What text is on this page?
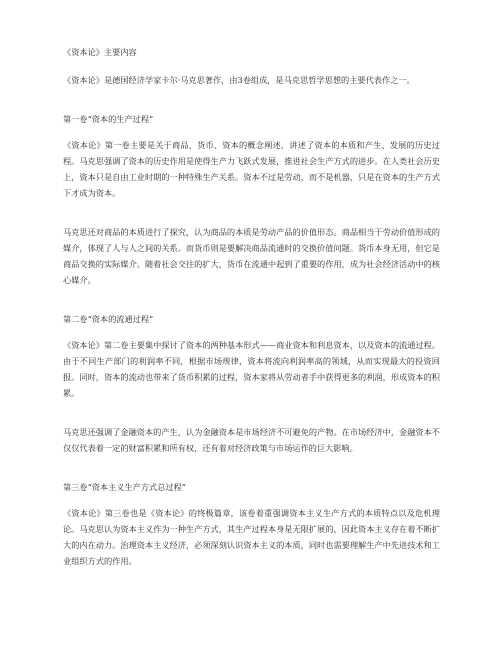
《资本论》主要内容

《资本论》是德国经济学家卡尔·马克思著作，由3卷组成，是马克思哲学思想的主要代表作之一。

第一卷“资本的生产过程”

《资本论》第一卷主要是关于商品、货币、资本的概念阐述，讲述了资本的本质和产生、发展的历史过程。马克思强调了资本的历史作用是使得生产力飞跃式发展，推进社会生产方式的进步。在人类社会历史上，资本只是自由工业时期的一种特殊生产关系。资本不过是劳动，而不是机器，只是在资本的生产方式下才成为资本。

马克思还对商品的本质进行了探究，认为商品的本质是劳动产品的价值形态。商品相当于劳动价值形成的媒介，体现了人与人之间的关系。而货币则是要解决商品流通时的交换价值问题。货币本身无用，但它是商品交换的实际媒介。随着社会交往的扩大，货币在流通中起到了重要的作用，成为社会经济活动中的核心媒介。

第二卷“资本的流通过程”

《资本论》第二卷主要集中探讨了资本的两种基本形式——商业资本和利息资本，以及资本的流通过程。由于不同生产部门的利润率不同，根据市场规律，资本将流向利润率高的领域，从而实现最大的投资回报。同时，资本的流动也带来了货币积累的过程，资本家将从劳动者手中获得更多的利润，形成资本的积累。

马克思还强调了金融资本的产生，认为金融资本是市场经济不可避免的产物。在市场经济中，金融资本不仅仅代表着一定的财富积累和所有权，还有着对经济政策与市场运作的巨大影响。

第三卷“资本主义生产方式总过程”

《资本论》第三卷也是《资本论》的终极篇章，该卷着重强调资本主义生产方式的本质特点以及危机理论。马克思认为资本主义作为一种生产方式，其生产过程本身是无限扩展的，因此资本主义存在着不断扩大的内在动力。治理资本主义经济，必须深刻认识资本主义的本质，同时也需要理解生产中先进技术和工业组织方式的作用。
